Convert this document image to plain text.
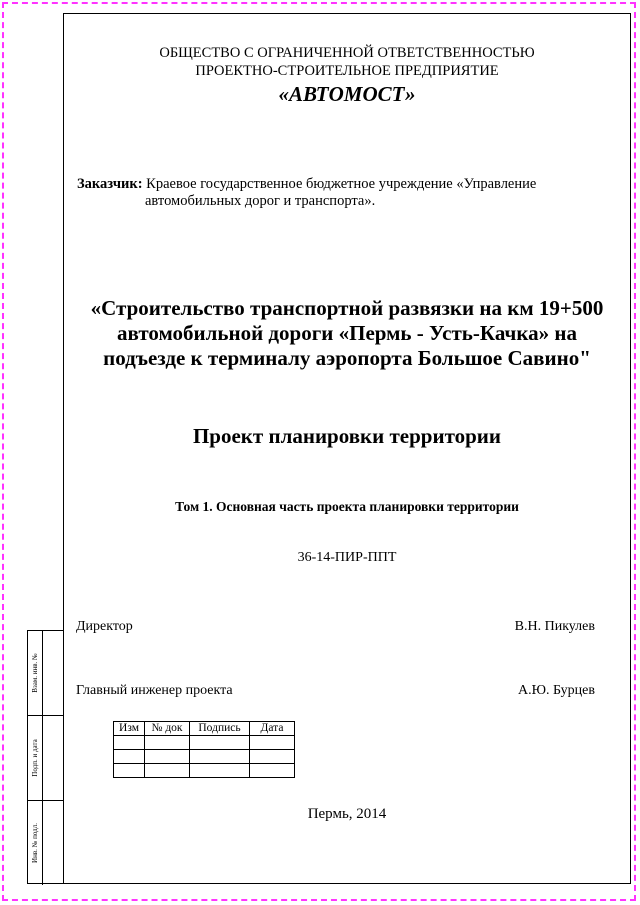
Взам. инв. №
Подп. и дата
Инв. № подл.
ОБЩЕСТВО С ОГРАНИЧЕННОЙ ОТВЕТСТВЕННОСТЬЮ
ПРОЕКТНО-СТРОИТЕЛЬНОЕ ПРЕДПРИЯТИЕ
«АВТОМОСТ»
Заказчик: Краевое государственное бюджетное учреждение «Управление
автомобильных дорог и транспорта».
«Строительство транспортной развязки на км 19+500
автомобильной дороги «Пермь - Усть-Качка» на
подъезде к терминалу аэропорта Большое Савино"
Проект планировки территории
Том 1. Основная часть проекта планировки территории
36-14-ПИР-ППТ
Директор	В.Н. Пикулев
Главный инженер проекта	А.Ю. Бурцев
Изм	№ док	Подпись	Дата

Пермь, 2014
